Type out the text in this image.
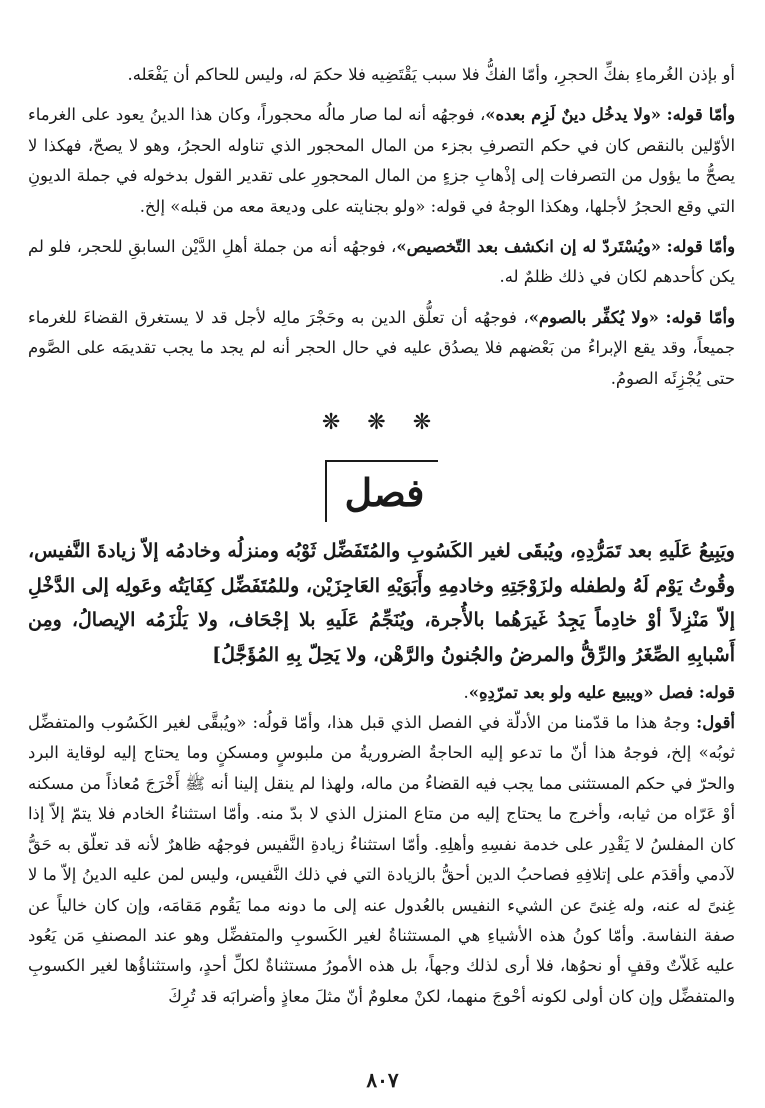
أو بإذن الغُرماءِ بفكِّ الحجرِ، وأمّا الفكُّ فلا سبب يَقْتَضِيه فلا حكمَ له، وليس للحاكم أن يَفْعَله.

وأمّا قوله: «ولا يدخُل دينٌ لَزِم بعده»، فوجهُه أنه لما صار مالُه محجوراً، وكان هذا الدينُ يعود على الغرماء الأوّلين بالنقص كان في حكم التصرفِ بجزء من المال المحجور الذي تناوله الحجرُ، وهو لا يصحّ، فهكذا لا يصحُّ ما يؤول من التصرفات إلى إذْهابِ جزءٍ من المال المحجورِ على تقدير القول بدخوله في جملة الديونِ التي وقع الحجرُ لأجلها، وهكذا الوجهُ في قوله: «ولو بجنايته على وديعة معه من قبله» إلخ.

وأمّا قوله: «ويُسْتَردّ له إن انكشف بعد التّخصيص»، فوجهُه أنه من جملة أهلِ الدَّيْن السابقِ للحجر، فلو لم يكن كأحدهم لكان في ذلك ظلمٌ له.

وأمّا قوله: «ولا يُكفِّر بالصوم»، فوجهُه أن تعلُّق الدين به وحَجْرَ مالِه لأجل قد لا يستغرق القضاءَ للغرماء جميعاً، وقد يقع الإبراءُ من بَعْضهم فلا يصدُق عليه في حال الحجر أنه لم يجد ما يجب تقديمَه على الصَّوم حتى يُجْزِئَه الصومُ.

❋ ❋ ❋
فصل

ويَبِيعُ عَلَيهِ بعد تَمَرُّدِهِ، ويُبقَى لغير الكَسُوبِ والمُتَفَضِّل ثَوْبُه ومنزلُه وخادمُه إلاّ زيادةَ النَّفيس، وقُوتُ يَوْم لَهُ ولطفله ولزَوْجَتِهِ وخادمِهِ وأَبَوَيْهِ العَاجِزَيْن، وللمُتَفَضِّل كِفَايَتُه وعَولِه إلى الدَّخْلِ إلاّ مَنْزِلاً أوْ خادِماً يَجِدُ غَيرَهُما بالأُجرة، ويُنَجِّمُ عَلَيهِ بلا إجْحَاف، ولا يَلْزَمُه الإيصالُ، ومِن أَسْبابِهِ الصِّغَرُ والرِّقُّ والمرضُ والجُنونُ والرَّهْن، ولا يَحِلّ بِهِ المُؤَجَّلُ]

قوله: فصل «ويبيع عليه ولو بعد تمرّدِهِ».

أقول: وجهُ هذا ما قدّمنا من الأدلّة في الفصل الذي قبل هذا، وأمّا قولُه: «ويُبقَّى لغير الكَسُوب والمتفضِّل ثوبُه» إلخ، فوجهُ هذا أنّ ما تدعو إليه الحاجةُ الضروريةُ من ملبوسٍ ومسكنٍ وما يحتاج إليه لوقاية البرد والحرّ في حكم المستثنى مما يجب فيه القضاءُ من ماله، ولهذا لم ينقل إلينا أنه ﷺ أَخْرَجَ مُعاذاً من مسكنه أوْ عَرّاه من ثيابه، وأخرج ما يحتاج إليه من متاع المنزل الذي لا بدّ منه. وأمّا استثناءُ الخادم فلا يتمّ إلاّ إذا كان المفلسُ لا يَقْدِر على خدمة نفسِهِ وأهلِهِ. وأمّا استثناءُ زيادةِ النَّفيس فوجهُه ظاهرٌ لأنه قد تعلّق به حَقُّ لآدمي وأقدَم على إتلافِهِ فصاحبُ الدين أحقُّ بالزيادة التي في ذلك النَّفيس، وليس لمن عليه الدينُ إلاّ ما لا غِنىً له عنه، وله غِنىً عن الشيء النفيس بالعُدول عنه إلى ما دونه مما يَقُوم مَقامَه، وإن كان خالياً عن صفة النفاسة. وأمّا كونُ هذه الأشياءِ هي المستثناةُ لغير الكَسوبِ والمتفضِّل وهو عند المصنفِ مَن يَعُود عليه غَلاّتٌ وقفٍ أو نحوُها، فلا أرى لذلك وجهاً، بل هذه الأمورُ مستثناةٌ لكلِّ أحدٍ، واستثناؤُها لغير الكسوبِ والمتفضِّل وإن كان أولى لكونه أحْوجَ منهما، لكنْ معلومٌ أنّ مثلَ معاذٍ وأضرابَه قد تُرِكَ

٨٠٧
